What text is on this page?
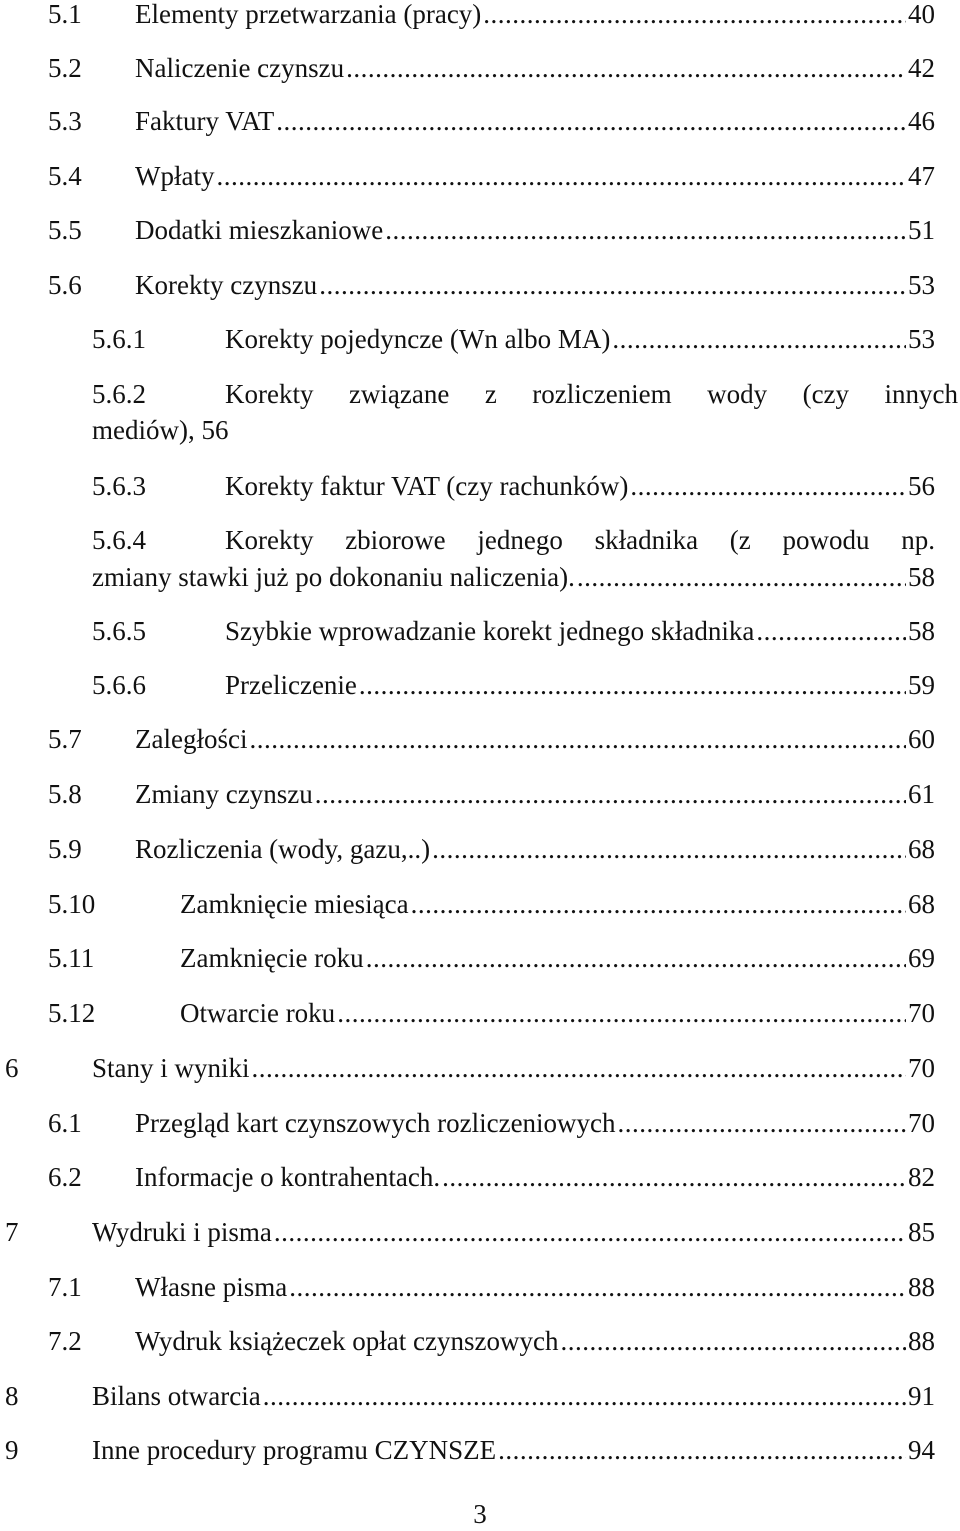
5.1 Elementy przetwarzania (pracy) .....	40
5.2 Naliczenie czynszu .....	42
5.3 Faktury VAT .....	46
5.4 Wpłaty .....	47
5.5 Dodatki mieszkaniowe .....	51
5.6 Korekty czynszu .....	53
5.6.1	Korekty pojedyncze (Wn albo MA) .....	53
5.6.2	Korekty związane z rozliczeniem wody (czy innych
mediów), 56
5.6.3	Korekty faktur VAT (czy rachunków) .....	56
5.6.4	Korekty zbiorowe jednego składnika (z powodu np.
zmiany stawki już po dokonaniu naliczenia). .....	58
5.6.5	Szybkie wprowadzanie korekt jednego składnika .....	58
5.6.6	Przeliczenie .....	59
5.7 Zaległości .....	60
5.8 Zmiany czynszu .....	61
5.9 Rozliczenia (wody, gazu,..) .....	68
5.10	Zamknięcie miesiąca .....	68
5.11	Zamknięcie roku .....	69
5.12	Otwarcie roku .....	70
6	Stany i wyniki .....	70
6.1 Przegląd kart czynszowych rozliczeniowych .....	70
6.2 Informacje o kontrahentach. .....	82
7	Wydruki i pisma .....	85
7.1 Własne pisma .....	88
7.2 Wydruk książeczek opłat czynszowych .....	88
8	Bilans otwarcia .....	91
9	Inne procedury programu CZYNSZE .....	94
3
